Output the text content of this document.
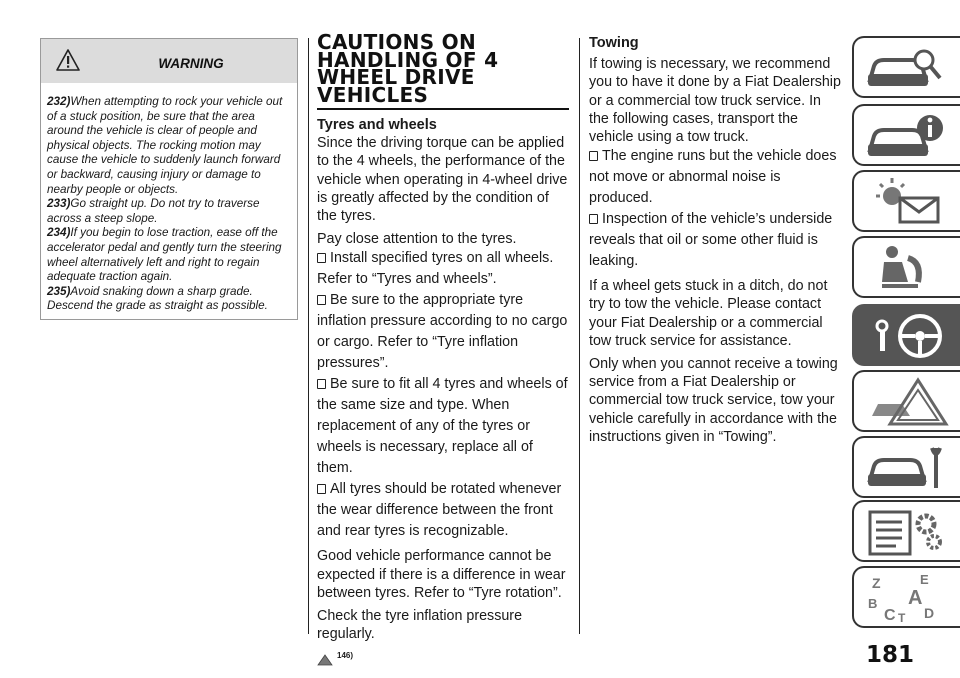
WARNING

232)When attempting to rock your vehicle out of a stuck position, be sure that the area around the vehicle is clear of people and physical objects. The rocking motion may cause the vehicle to suddenly launch forward or backward, causing injury or damage to nearby people or objects.

233)Go straight up. Do not try to traverse across a steep slope.

234)If you begin to lose traction, ease off the accelerator pedal and gently turn the steering wheel alternatively left and right to regain adequate traction again.

235)Avoid snaking down a sharp grade. Descend the grade as straight as possible.

CAUTIONS ON HANDLING OF 4 WHEEL DRIVE VEHICLES

Tyres and wheels

Since the driving torque can be applied to the 4 wheels, the performance of the vehicle when operating in 4-wheel drive is greatly affected by the condition of the tyres.

Pay close attention to the tyres.

Install specified tyres on all wheels. Refer to “Tyres and wheels”.

Be sure to the appropriate tyre inflation pressure according to no cargo or cargo. Refer to “Tyre inflation pressures”.

Be sure to fit all 4 tyres and wheels of the same size and type. When replacement of any of the tyres or wheels is necessary, replace all of them.

All tyres should be rotated whenever the wear difference between the front and rear tyres is recognizable.

Good vehicle performance cannot be expected if there is a difference in wear between tyres. Refer to “Tyre rotation”.

Check the tyre inflation pressure regularly.

146)

Towing

If towing is necessary, we recommend you to have it done by a Fiat Dealership or a commercial tow truck service. In the following cases, transport the vehicle using a tow truck.

The engine runs but the vehicle does not move or abnormal noise is produced.

Inspection of the vehicle’s underside reveals that oil or some other fluid is leaking.

If a wheel gets stuck in a ditch, do not try to tow the vehicle. Please contact your Fiat Dealership or a commercial tow truck service for assistance.

Only when you cannot receive a towing service from a Fiat Dealership or commercial tow truck service, tow your vehicle carefully in accordance with the instructions given in “Towing”.

Z	E
A
B
C D
T
181
